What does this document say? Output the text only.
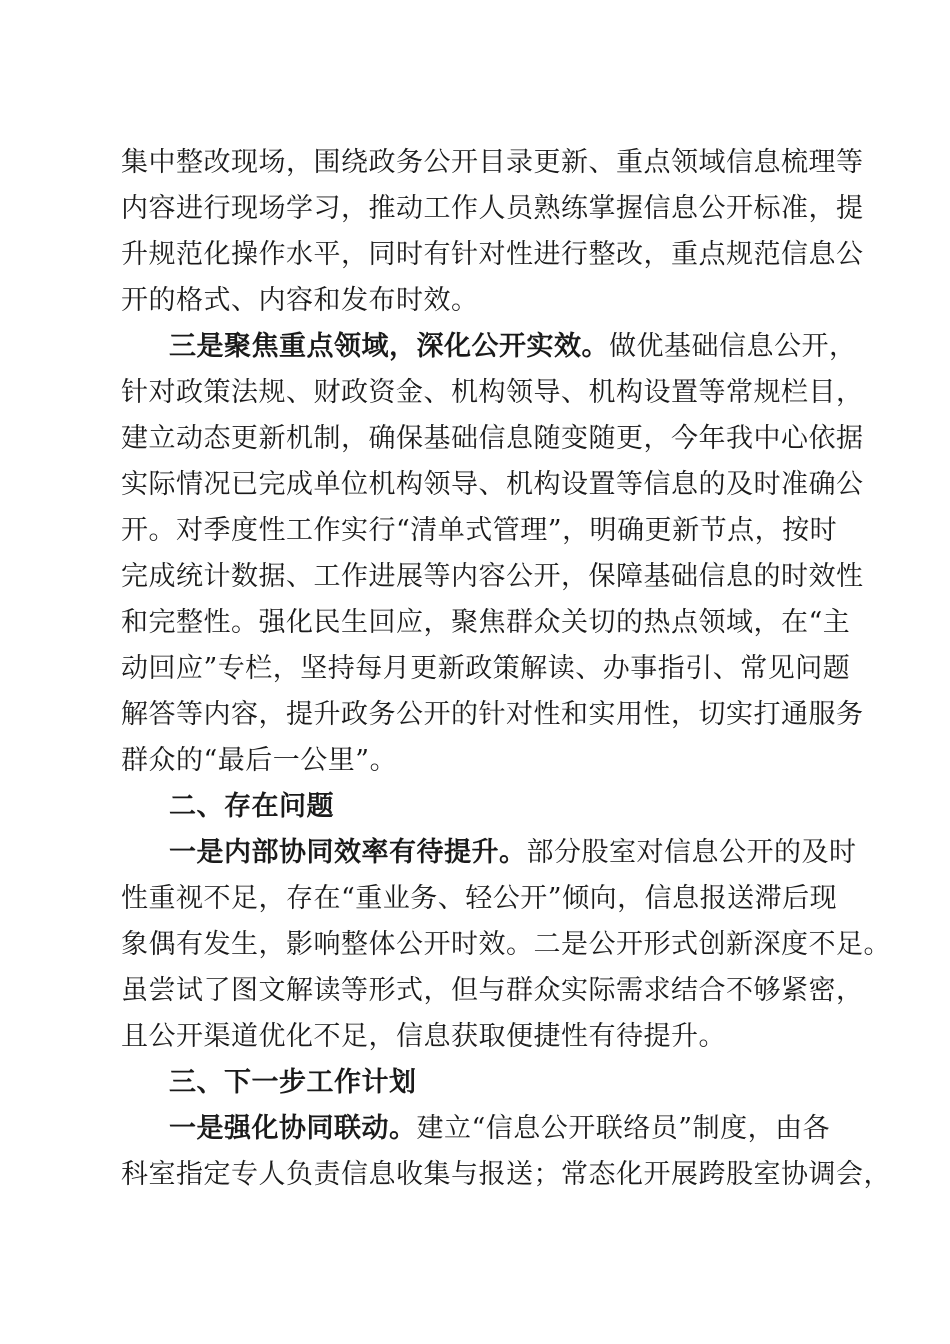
集中整改现场，围绕政务公开目录更新、重点领域信息梳理等
内容进行现场学习，推动工作人员熟练掌握信息公开标准，提
升规范化操作水平，同时有针对性进行整改，重点规范信息公
开的格式、内容和发布时效。
三是聚焦重点领域，深化公开实效。做优基础信息公开，
针对政策法规、财政资金、机构领导、机构设置等常规栏目，
建立动态更新机制，确保基础信息随变随更，今年我中心依据
实际情况已完成单位机构领导、机构设置等信息的及时准确公
开。对季度性工作实行“清单式管理”，明确更新节点，按时
完成统计数据、工作进展等内容公开，保障基础信息的时效性
和完整性。强化民生回应，聚焦群众关切的热点领域，在“主
动回应”专栏，坚持每月更新政策解读、办事指引、常见问题
解答等内容，提升政务公开的针对性和实用性，切实打通服务
群众的“最后一公里”。
二、存在问题
一是内部协同效率有待提升。部分股室对信息公开的及时
性重视不足，存在“重业务、轻公开”倾向，信息报送滞后现
象偶有发生，影响整体公开时效。二是公开形式创新深度不足。
虽尝试了图文解读等形式，但与群众实际需求结合不够紧密，
且公开渠道优化不足，信息获取便捷性有待提升。
三、下一步工作计划
一是强化协同联动。建立“信息公开联络员”制度，由各
科室指定专人负责信息收集与报送；常态化开展跨股室协调会，
